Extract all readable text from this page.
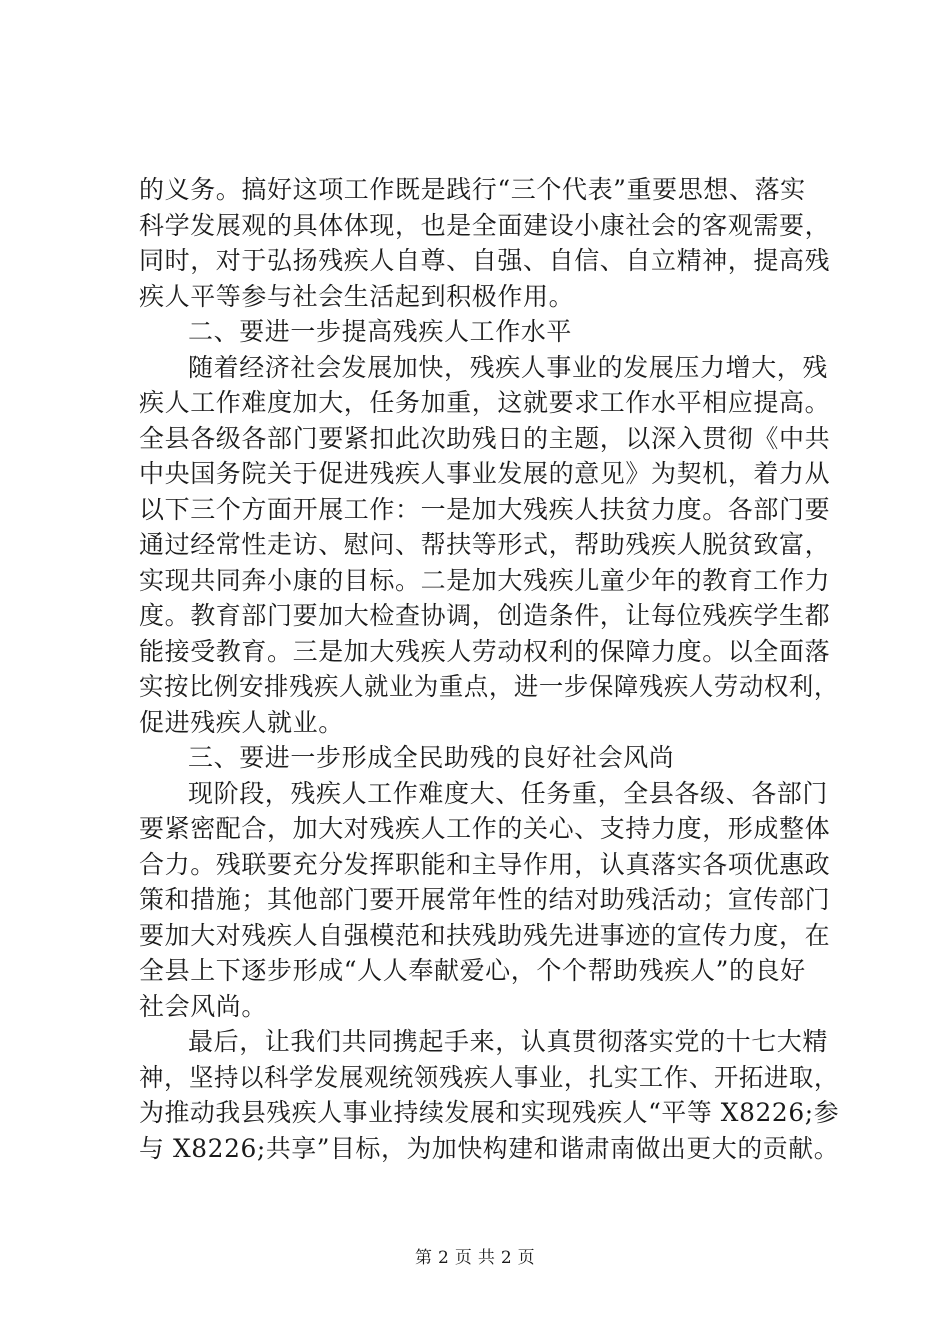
的义务。搞好这项工作既是践行“三个代表”重要思想、落实
科学发展观的具体体现，也是全面建设小康社会的客观需要，
同时，对于弘扬残疾人自尊、自强、自信、自立精神，提高残
疾人平等参与社会生活起到积极作用。
二、要进一步提高残疾人工作水平
随着经济社会发展加快，残疾人事业的发展压力增大，残
疾人工作难度加大，任务加重，这就要求工作水平相应提高。
全县各级各部门要紧扣此次助残日的主题，以深入贯彻《中共
中央国务院关于促进残疾人事业发展的意见》为契机，着力从
以下三个方面开展工作：一是加大残疾人扶贫力度。各部门要
通过经常性走访、慰问、帮扶等形式，帮助残疾人脱贫致富，
实现共同奔小康的目标。二是加大残疾儿童少年的教育工作力
度。教育部门要加大检查协调，创造条件，让每位残疾学生都
能接受教育。三是加大残疾人劳动权利的保障力度。以全面落
实按比例安排残疾人就业为重点，进一步保障残疾人劳动权利，
促进残疾人就业。
三、要进一步形成全民助残的良好社会风尚
现阶段，残疾人工作难度大、任务重，全县各级、各部门
要紧密配合，加大对残疾人工作的关心、支持力度，形成整体
合力。残联要充分发挥职能和主导作用，认真落实各项优惠政
策和措施；其他部门要开展常年性的结对助残活动；宣传部门
要加大对残疾人自强模范和扶残助残先进事迹的宣传力度，在
全县上下逐步形成“人人奉献爱心，个个帮助残疾人”的良好
社会风尚。
最后，让我们共同携起手来，认真贯彻落实党的十七大精
神，坚持以科学发展观统领残疾人事业，扎实工作、开拓进取，
为推动我县残疾人事业持续发展和实现残疾人“平等 X8226;参
与 X8226;共享”目标，为加快构建和谐肃南做出更大的贡献。
第 2 页 共 2 页
